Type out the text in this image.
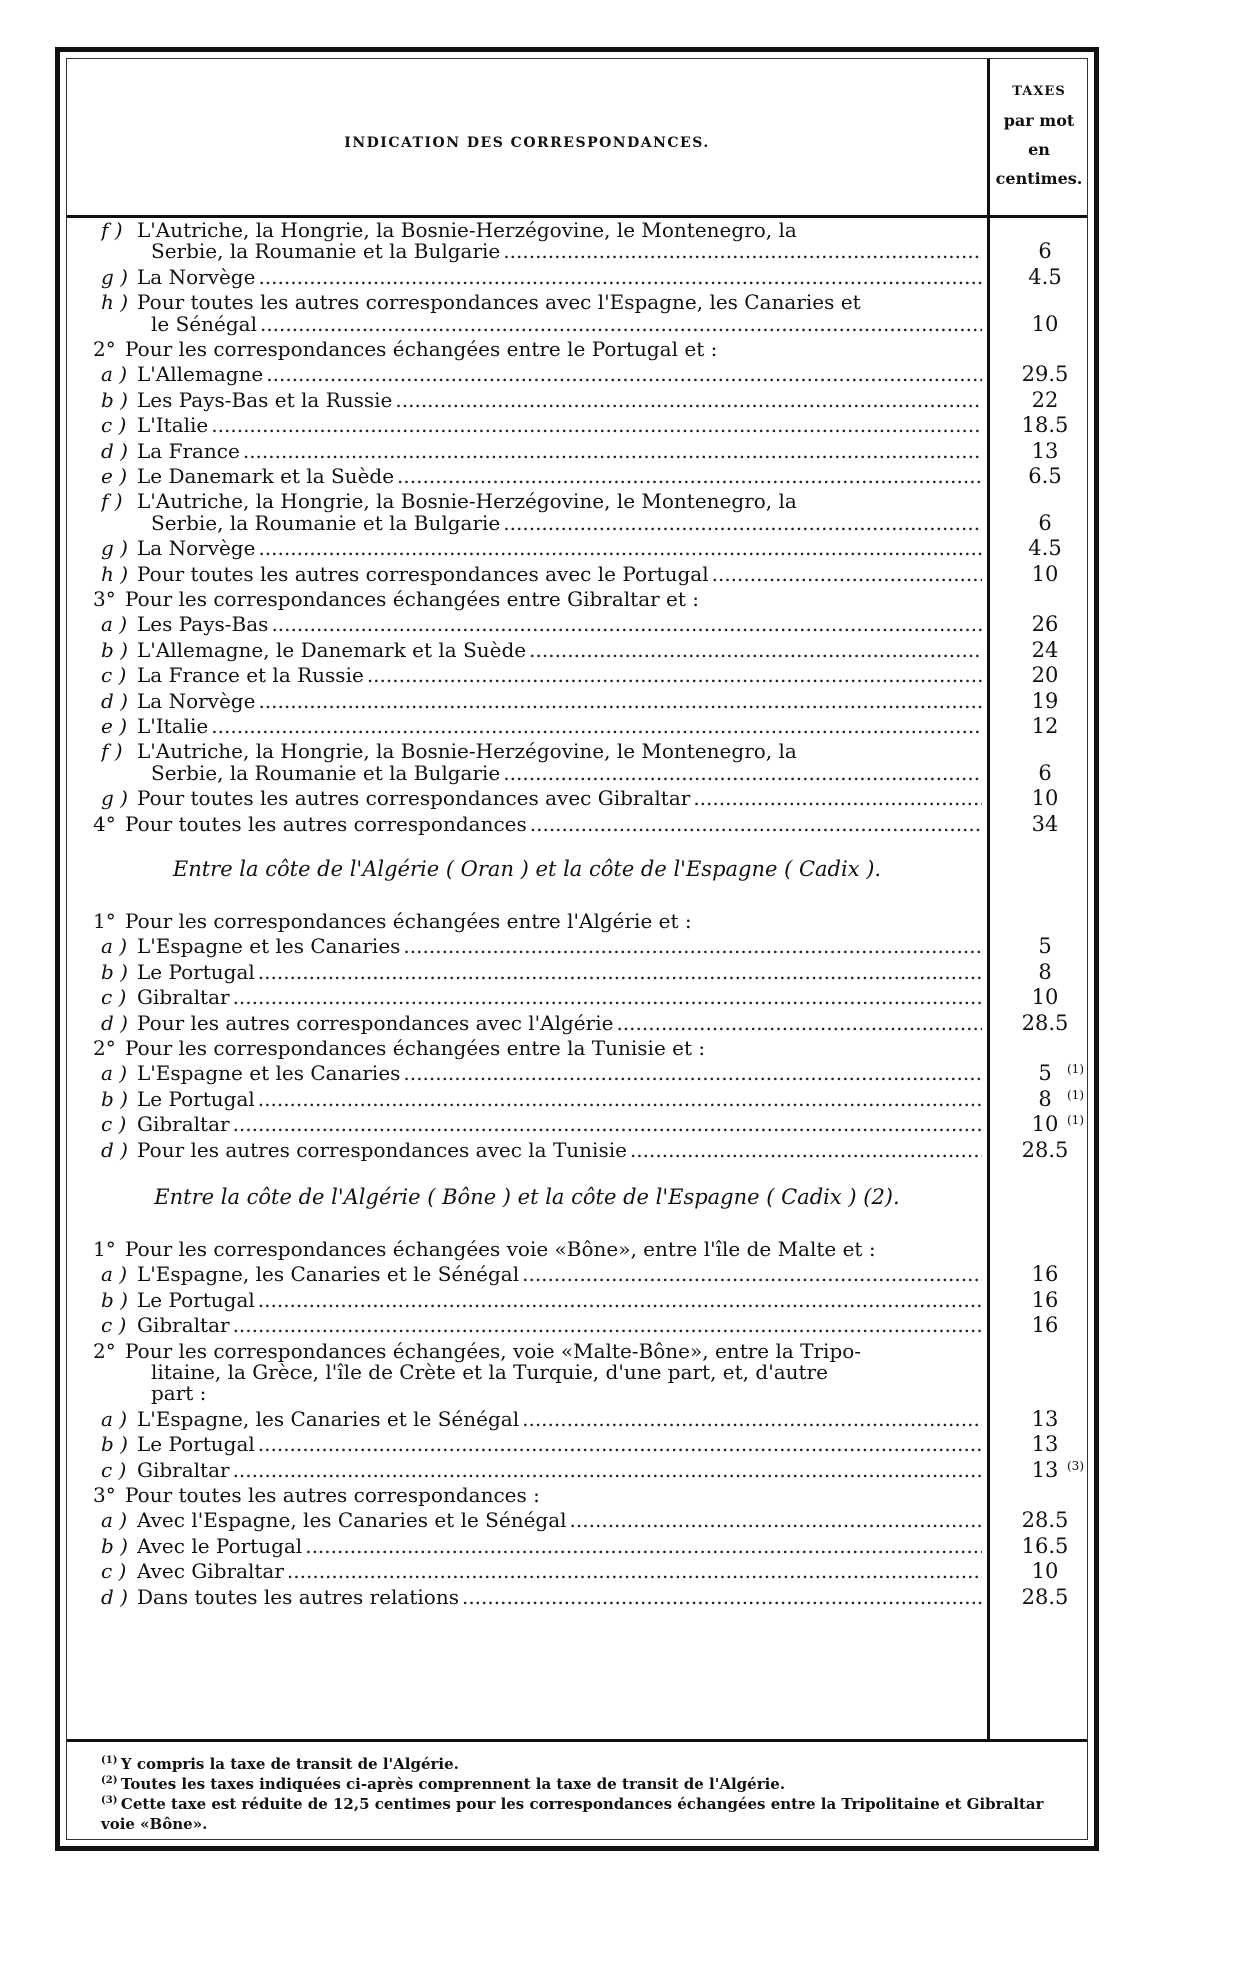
INDICATION DES CORRESPONDANCES.
TAXES
par mot
en
centimes.
f ) L'Autriche, la Hongrie, la Bosnie-Herzégovine, le Montenegro, la
Serbie, la Roumanie et la Bulgarie .....	6
g ) La Norvège .....	4.5
h ) Pour toutes les autres correspondances avec l'Espagne, les Canaries et
le Sénégal .....	10
2° Pour les correspondances échangées entre le Portugal et :
a ) L'Allemagne .....	29.5
b ) Les Pays-Bas et la Russie .....	22
c ) L'Italie .....	18.5
d ) La France .....	13
e ) Le Danemark et la Suède .....	6.5
f ) L'Autriche, la Hongrie, la Bosnie-Herzégovine, le Montenegro, la
Serbie, la Roumanie et la Bulgarie .....	6
g ) La Norvège .....	4.5
h ) Pour toutes les autres correspondances avec le Portugal .....	10
3° Pour les correspondances échangées entre Gibraltar et :
a ) Les Pays-Bas .....	26
b ) L'Allemagne, le Danemark et la Suède .....	24
c ) La France et la Russie .....	20
d ) La Norvège .....	19
e ) L'Italie .....	12
f ) L'Autriche, la Hongrie, la Bosnie-Herzégovine, le Montenegro, la
Serbie, la Roumanie et la Bulgarie .....	6
g ) Pour toutes les autres correspondances avec Gibraltar .....	10
4° Pour toutes les autres correspondances .....	34
Entre la côte de l'Algérie ( Oran ) et la côte de l'Espagne ( Cadix ).
1° Pour les correspondances échangées entre l'Algérie et :
a ) L'Espagne et les Canaries .....	5
b ) Le Portugal .....	8
c ) Gibraltar .....	10
d ) Pour les autres correspondances avec l'Algérie .....	28.5
2° Pour les correspondances échangées entre la Tunisie et :
a ) L'Espagne et les Canaries .....	5	(1)
b ) Le Portugal .....	8	(1)
c ) Gibraltar .....	10 (1)
d ) Pour les autres correspondances avec la Tunisie .....	28.5
Entre la côte de l'Algérie ( Bône ) et la côte de l'Espagne ( Cadix ) (2).
1° Pour les correspondances échangées voie «Bône», entre l'île de Malte et :
a ) L'Espagne, les Canaries et le Sénégal .....	16
b ) Le Portugal .....	16
c ) Gibraltar .....	16
2° Pour les correspondances échangées, voie «Malte-Bône», entre la Tripo-
litaine, la Grèce, l'île de Crète et la Turquie, d'une part, et, d'autre
part :
a ) L'Espagne, les Canaries et le Sénégal .....	13
b ) Le Portugal .....	13
c ) Gibraltar .....	13 (3)
3° Pour toutes les autres correspondances :
a ) Avec l'Espagne, les Canaries et le Sénégal .....	28.5
b ) Avec le Portugal .....	16.5
c ) Avec Gibraltar .....	10
d ) Dans toutes les autres relations .....	28.5
$^{(1)}$ Y compris la taxe de transit de l'Algérie.
$^{(2)}$ Toutes les taxes indiquées ci-après comprennent la taxe de transit de l'Algérie.
$^{(3)}$ Cette taxe est réduite de 12,5 centimes pour les correspondances échangées entre la Tripolitaine et Gibraltar voie «Bône».
